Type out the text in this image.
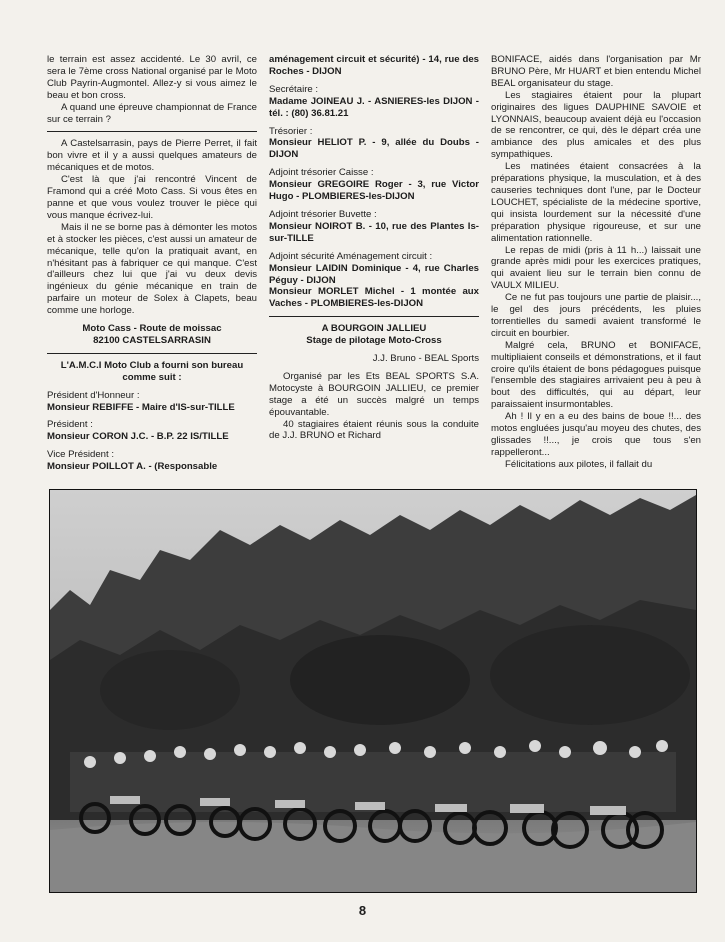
le terrain est assez accidenté. Le 30 avril, ce sera le 7ème cross National organisé par le Moto Club Payrin-Augmontel. Allez-y si vous aimez le beau et bon cross.

A quand une épreuve championnat de France sur ce terrain ?

A Castelsarrasin, pays de Pierre Perret, il fait bon vivre et il y a aussi quelques amateurs de mécaniques et de motos.

C'est là que j'ai rencontré Vincent de Framond qui a créé Moto Cass. Si vous êtes en panne et que vous voulez trouver le pièce qui vous manque écrivez-lui.

Mais il ne se borne pas à démonter les motos et à stocker les pièces, c'est aussi un amateur de mécanique, telle qu'on la pratiquait avant, en n'hésitant pas à fabriquer ce qui manque. C'est d'ailleurs chez lui que j'ai vu deux devis ingénieux du génie mécanique en train de parfaire un moteur de Solex à Clapets, beau comme une horloge.

Moto Cass - Route de moissac

82100 CASTELSARRASIN

L'A.M.C.I Moto Club a fourni son bureau comme suit :

Président d'Honneur :

Monsieur REBIFFE - Maire d'IS-sur-TILLE

Président :

Monsieur CORON J.C. - B.P. 22 IS/TILLE

Vice Président :

Monsieur POILLOT A. - (Responsable

aménagement circuit et sécurité) - 14, rue des Roches - DIJON

Secrétaire :

Madame JOINEAU J. - ASNIERES-les DIJON - tél. : (80) 36.81.21

Trésorier :

Monsieur HELIOT P. - 9, allée du Doubs - DIJON

Adjoint trésorier Caisse :

Monsieur GREGOIRE Roger - 3, rue Victor Hugo - PLOMBIERES-les-DIJON

Adjoint trésorier Buvette :

Monsieur NOIROT B. - 10, rue des Plantes Is-sur-TILLE

Adjoint sécurité Aménagement circuit :

Monsieur LAIDIN Dominique - 4, rue Charles Péguy - DIJON

Monsieur MORLET Michel - 1 montée aux Vaches - PLOMBIERES-les-DIJON

A BOURGOIN JALLIEU

Stage de pilotage Moto-Cross

J.J. Bruno - BEAL Sports

Organisé par les Ets BEAL SPORTS S.A. Motocyste à BOURGOIN JALLIEU, ce premier stage a été un succès malgré un temps épouvantable.

40 stagiaires étaient réunis sous la conduite de J.J. BRUNO et Richard

BONIFACE, aidés dans l'organisation par Mr BRUNO Père, Mr HUART et bien entendu Michel BEAL organisateur du stage.

Les stagiaires étaient pour la plupart originaires des ligues DAUPHINE SAVOIE et LYONNAIS, beaucoup avaient déjà eu l'occasion de se rencontrer, ce qui, dès le départ créa une ambiance des plus amicales et des plus sympathiques.

Les matinées étaient consacrées à la préparations physique, la musculation, et à des causeries techniques dont l'une, par le Docteur LOUCHET, spécialiste de la médecine sportive, qui insista lourdement sur la nécessité d'une préparation physique rigoureuse, et sur une alimentation rationnelle.

Le repas de midi (pris à 11 h...) laissait une grande après midi pour les exercices pratiques, qui avaient lieu sur le terrain bien connu de VAULX MILIEU.

Ce ne fut pas toujours une partie de plaisir..., le gel des jours précédents, les pluies torrentielles du samedi avaient transformé le circuit en bourbier.

Malgré cela, BRUNO et BONIFACE, multipliaient conseils et démonstrations, et il faut croire qu'ils étaient de bons pédagogues puisque l'ensemble des stagiaires arrivaient peu à peu à bout des difficultés, qui au départ, leur paraissaient insurmontables.

Ah ! Il y en a eu des bains de boue !!... des motos engluées jusqu'au moyeu des chutes, des glissades !!..., je crois que tous s'en rappelleront...

Félicitations aux pilotes, il fallait du

8
